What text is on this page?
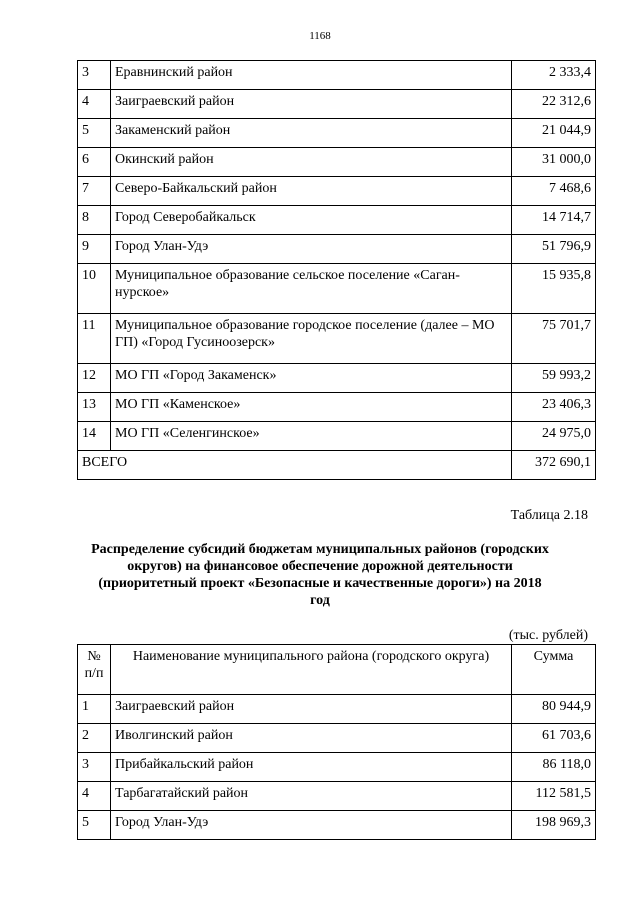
1168
3	Еравнинский район	2 333,4
4	Заиграевский район	22 312,6
5	Закаменский район	21 044,9
6	Окинский район	31 000,0
7	Северо-Байкальский район	7 468,6
8	Город Северобайкальск	14 714,7
9	Город Улан-Удэ	51 796,9
10	Муниципальное образование сельское поселение «Саган-нурское»	15 935,8
11	Муниципальное образование городское поселение (далее – МО ГП) «Город Гусиноозерск»	75 701,7
12	МО ГП «Город Закаменск»	59 993,2
13	МО ГП «Каменское»	23 406,3
14	МО ГП «Селенгинское»	24 975,0
ВСЕГО		372 690,1
Таблица 2.18
Распределение субсидий бюджетам муниципальных районов (городских округов) на финансовое обеспечение дорожной деятельности (приоритетный проект «Безопасные и качественные дороги») на 2018 год
(тыс. рублей)
№ п/п	Наименование муниципального района (городского округа)	Сумма
1	Заиграевский район	80 944,9
2	Иволгинский район	61 703,6
3	Прибайкальский район	86 118,0
4	Тарбагатайский район	112 581,5
5	Город Улан-Удэ	198 969,3
